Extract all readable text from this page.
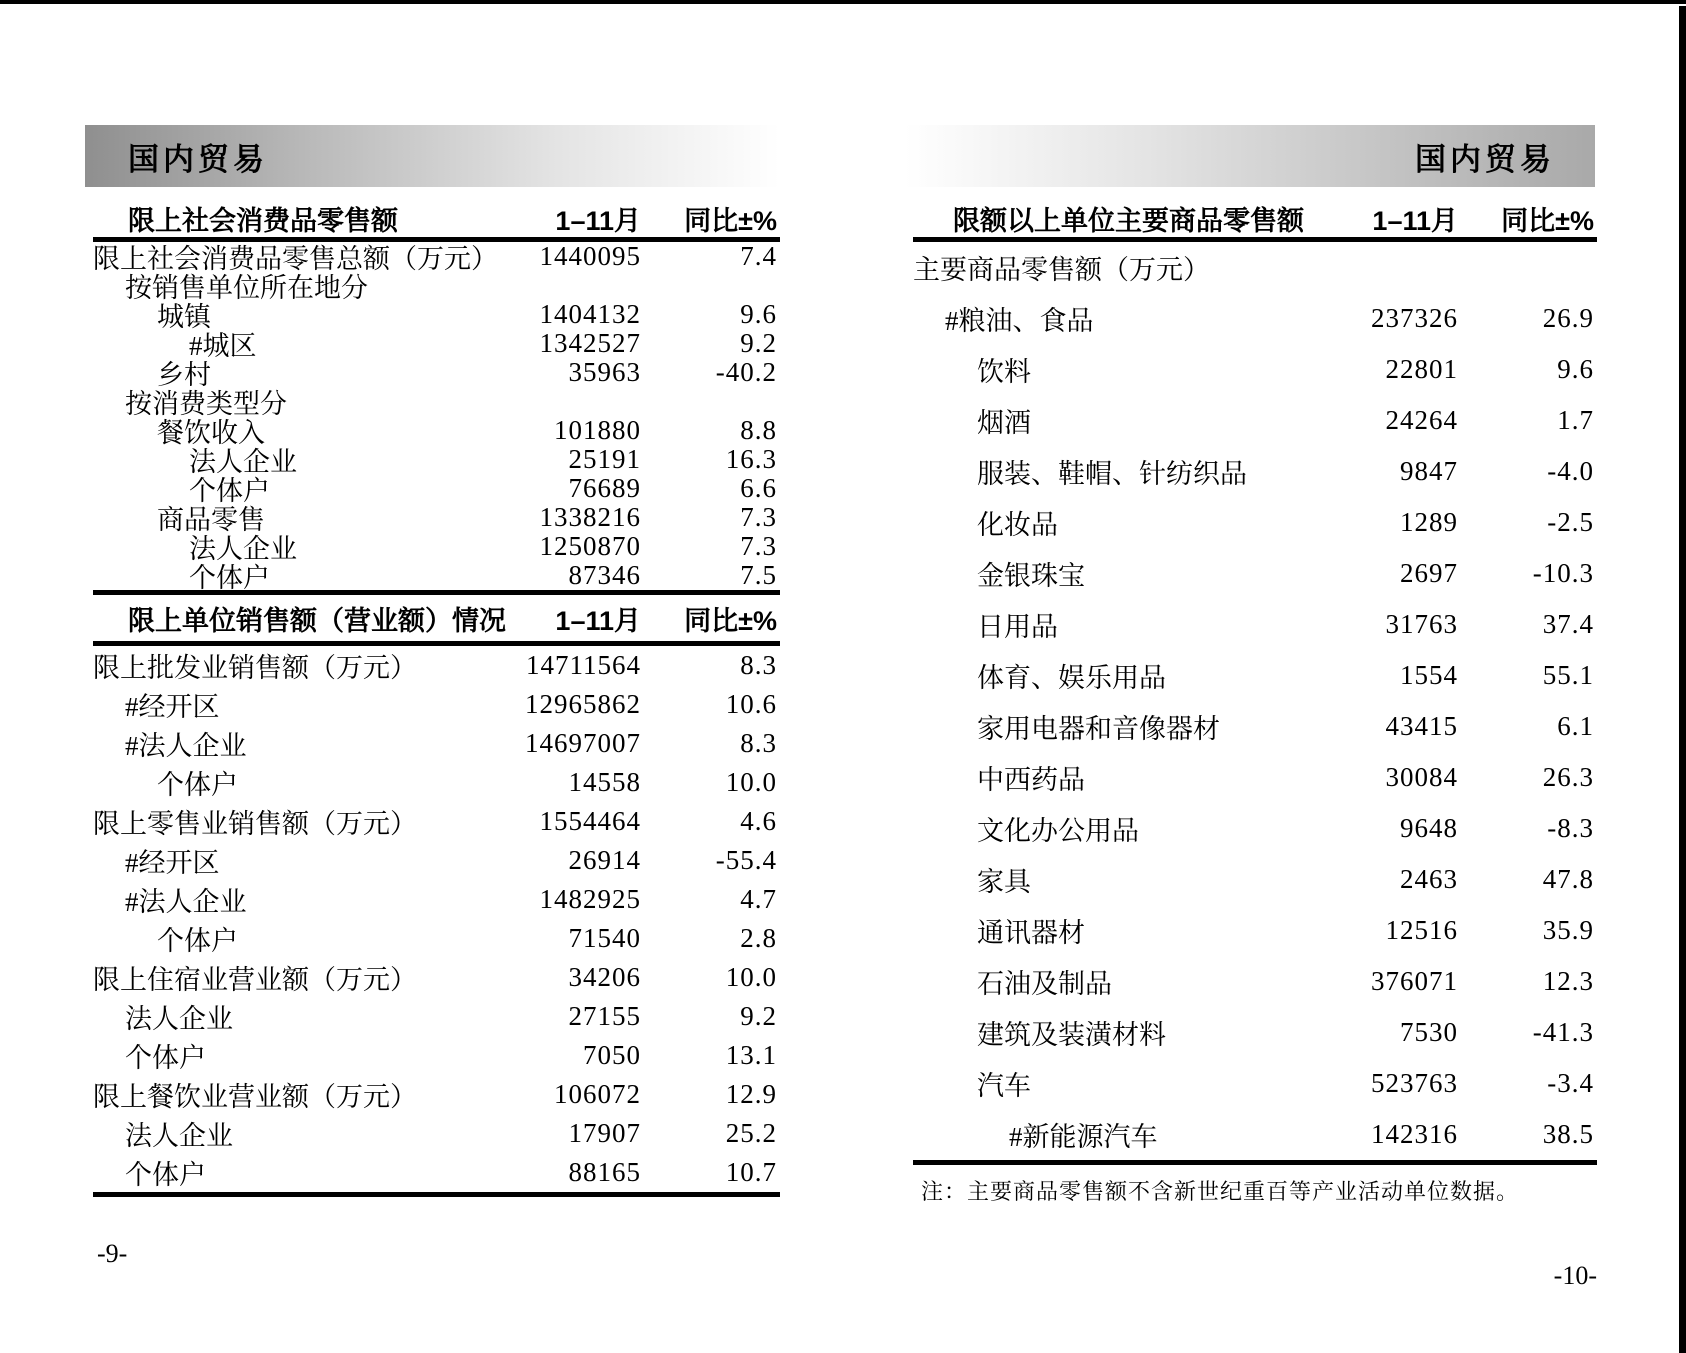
国内贸易
限上社会消费品零售额	1–11月	同比±%
限上社会消费品零售总额（万元）	1440095	7.4
按销售单位所在地分
城镇	1404132	9.6
#城区	1342527	9.2
乡村	35963	-40.2
按消费类型分
餐饮收入	101880	8.8
法人企业	25191	16.3
个体户	76689	6.6
商品零售	1338216	7.3
法人企业	1250870	7.3
个体户	87346	7.5
限上单位销售额（营业额）情况	1–11月	同比±%
限上批发业销售额（万元）	14711564	8.3
#经开区	12965862	10.6
#法人企业	14697007	8.3
个体户	14558	10.0
限上零售业销售额（万元）	1554464	4.6
#经开区	26914	-55.4
#法人企业	1482925	4.7
个体户	71540	2.8
限上住宿业营业额（万元）	34206	10.0
法人企业	27155	9.2
个体户	7050	13.1
限上餐饮业营业额（万元）	106072	12.9
法人企业	17907	25.2
个体户	88165	10.7
-9-
国内贸易
限额以上单位主要商品零售额	1–11月	同比±%
主要商品零售额（万元）
#粮油、食品	237326	26.9
饮料	22801	9.6
烟酒	24264	1.7
服装、鞋帽、针纺织品	9847	-4.0
化妆品	1289	-2.5
金银珠宝	2697	-10.3
日用品	31763	37.4
体育、娱乐用品	1554	55.1
家用电器和音像器材	43415	6.1
中西药品	30084	26.3
文化办公用品	9648	-8.3
家具	2463	47.8
通讯器材	12516	35.9
石油及制品	376071	12.3
建筑及装潢材料	7530	-41.3
汽车	523763	-3.4
#新能源汽车	142316	38.5
注：主要商品零售额不含新世纪重百等产业活动单位数据。
-10-
